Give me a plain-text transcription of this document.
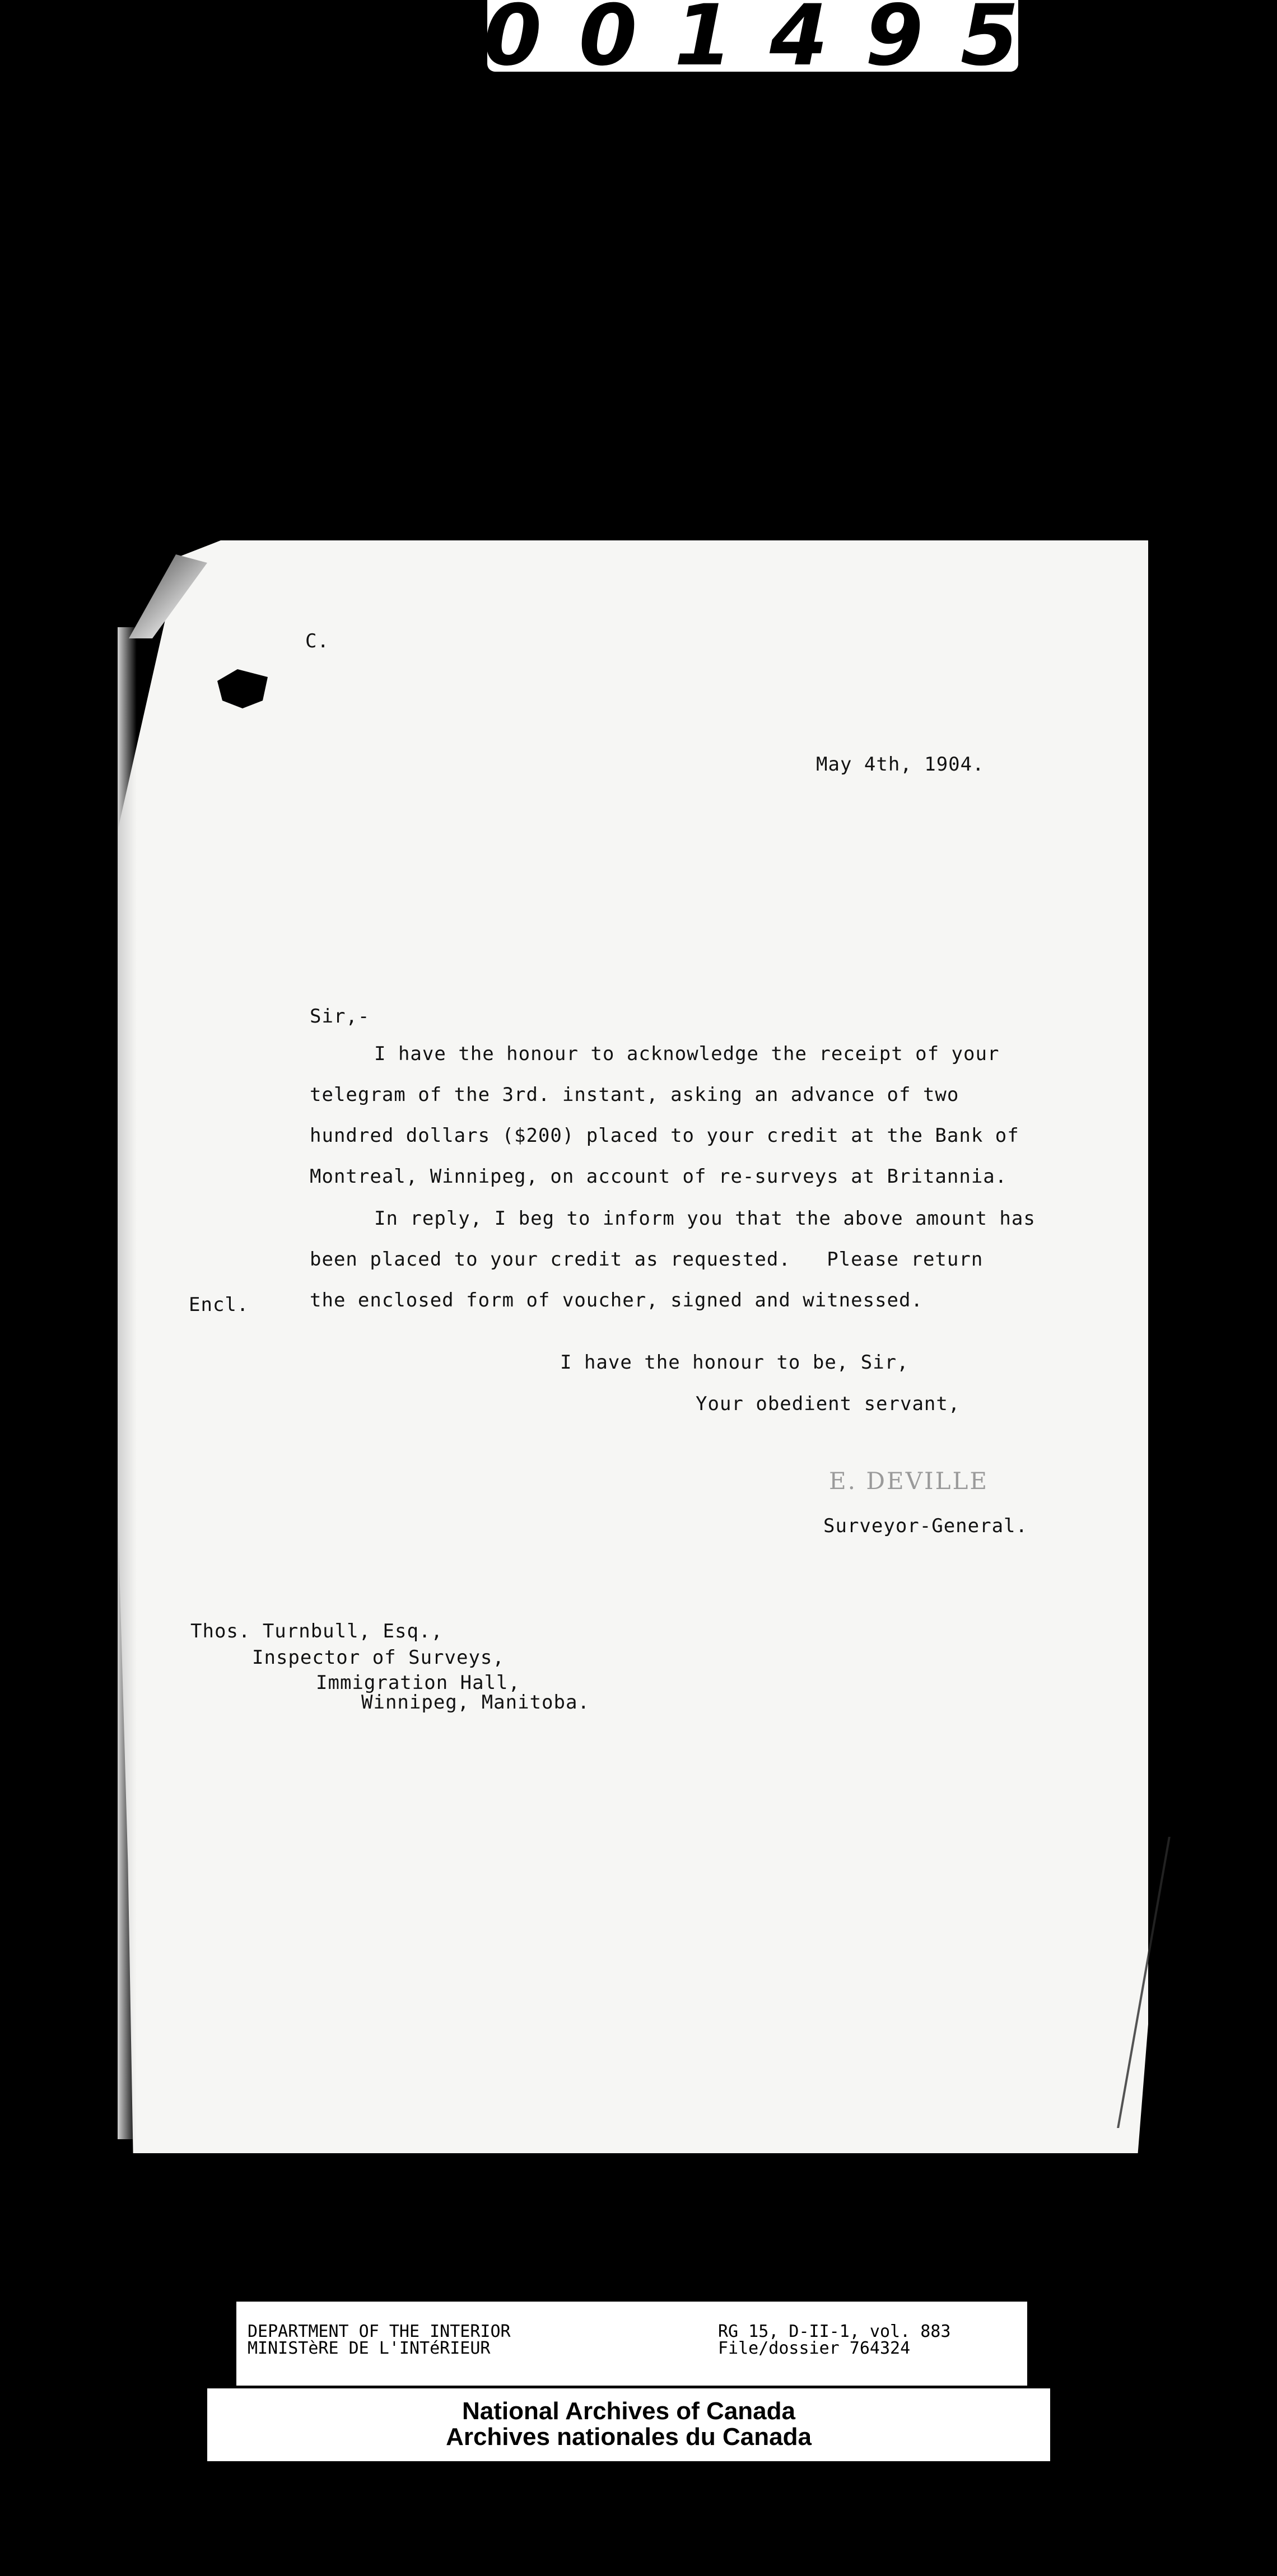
001495
C.
May 4th, 1904.
Sir,-
I have the honour to acknowledge the receipt of your
telegram of the 3rd. instant, asking an advance of two
hundred dollars ($200) placed to your credit at the Bank of
Montreal, Winnipeg, on account of re-surveys at Britannia.
In reply, I beg to inform you that the above amount has
been placed to your credit as requested.   Please return
the enclosed form of voucher, signed and witnessed.
Encl.
I have the honour to be, Sir,
Your obedient servant,
E. DEVILLE
Surveyor-General.
Thos. Turnbull, Esq.,
Inspector of Surveys,
Immigration Hall,
Winnipeg, Manitoba.
DEPARTMENT OF THE INTERIOR
MINISTèRE DE L'INTéRIEUR
RG 15, D-II-1, vol. 883
File/dossier 764324
National Archives of Canada
Archives nationales du Canada
